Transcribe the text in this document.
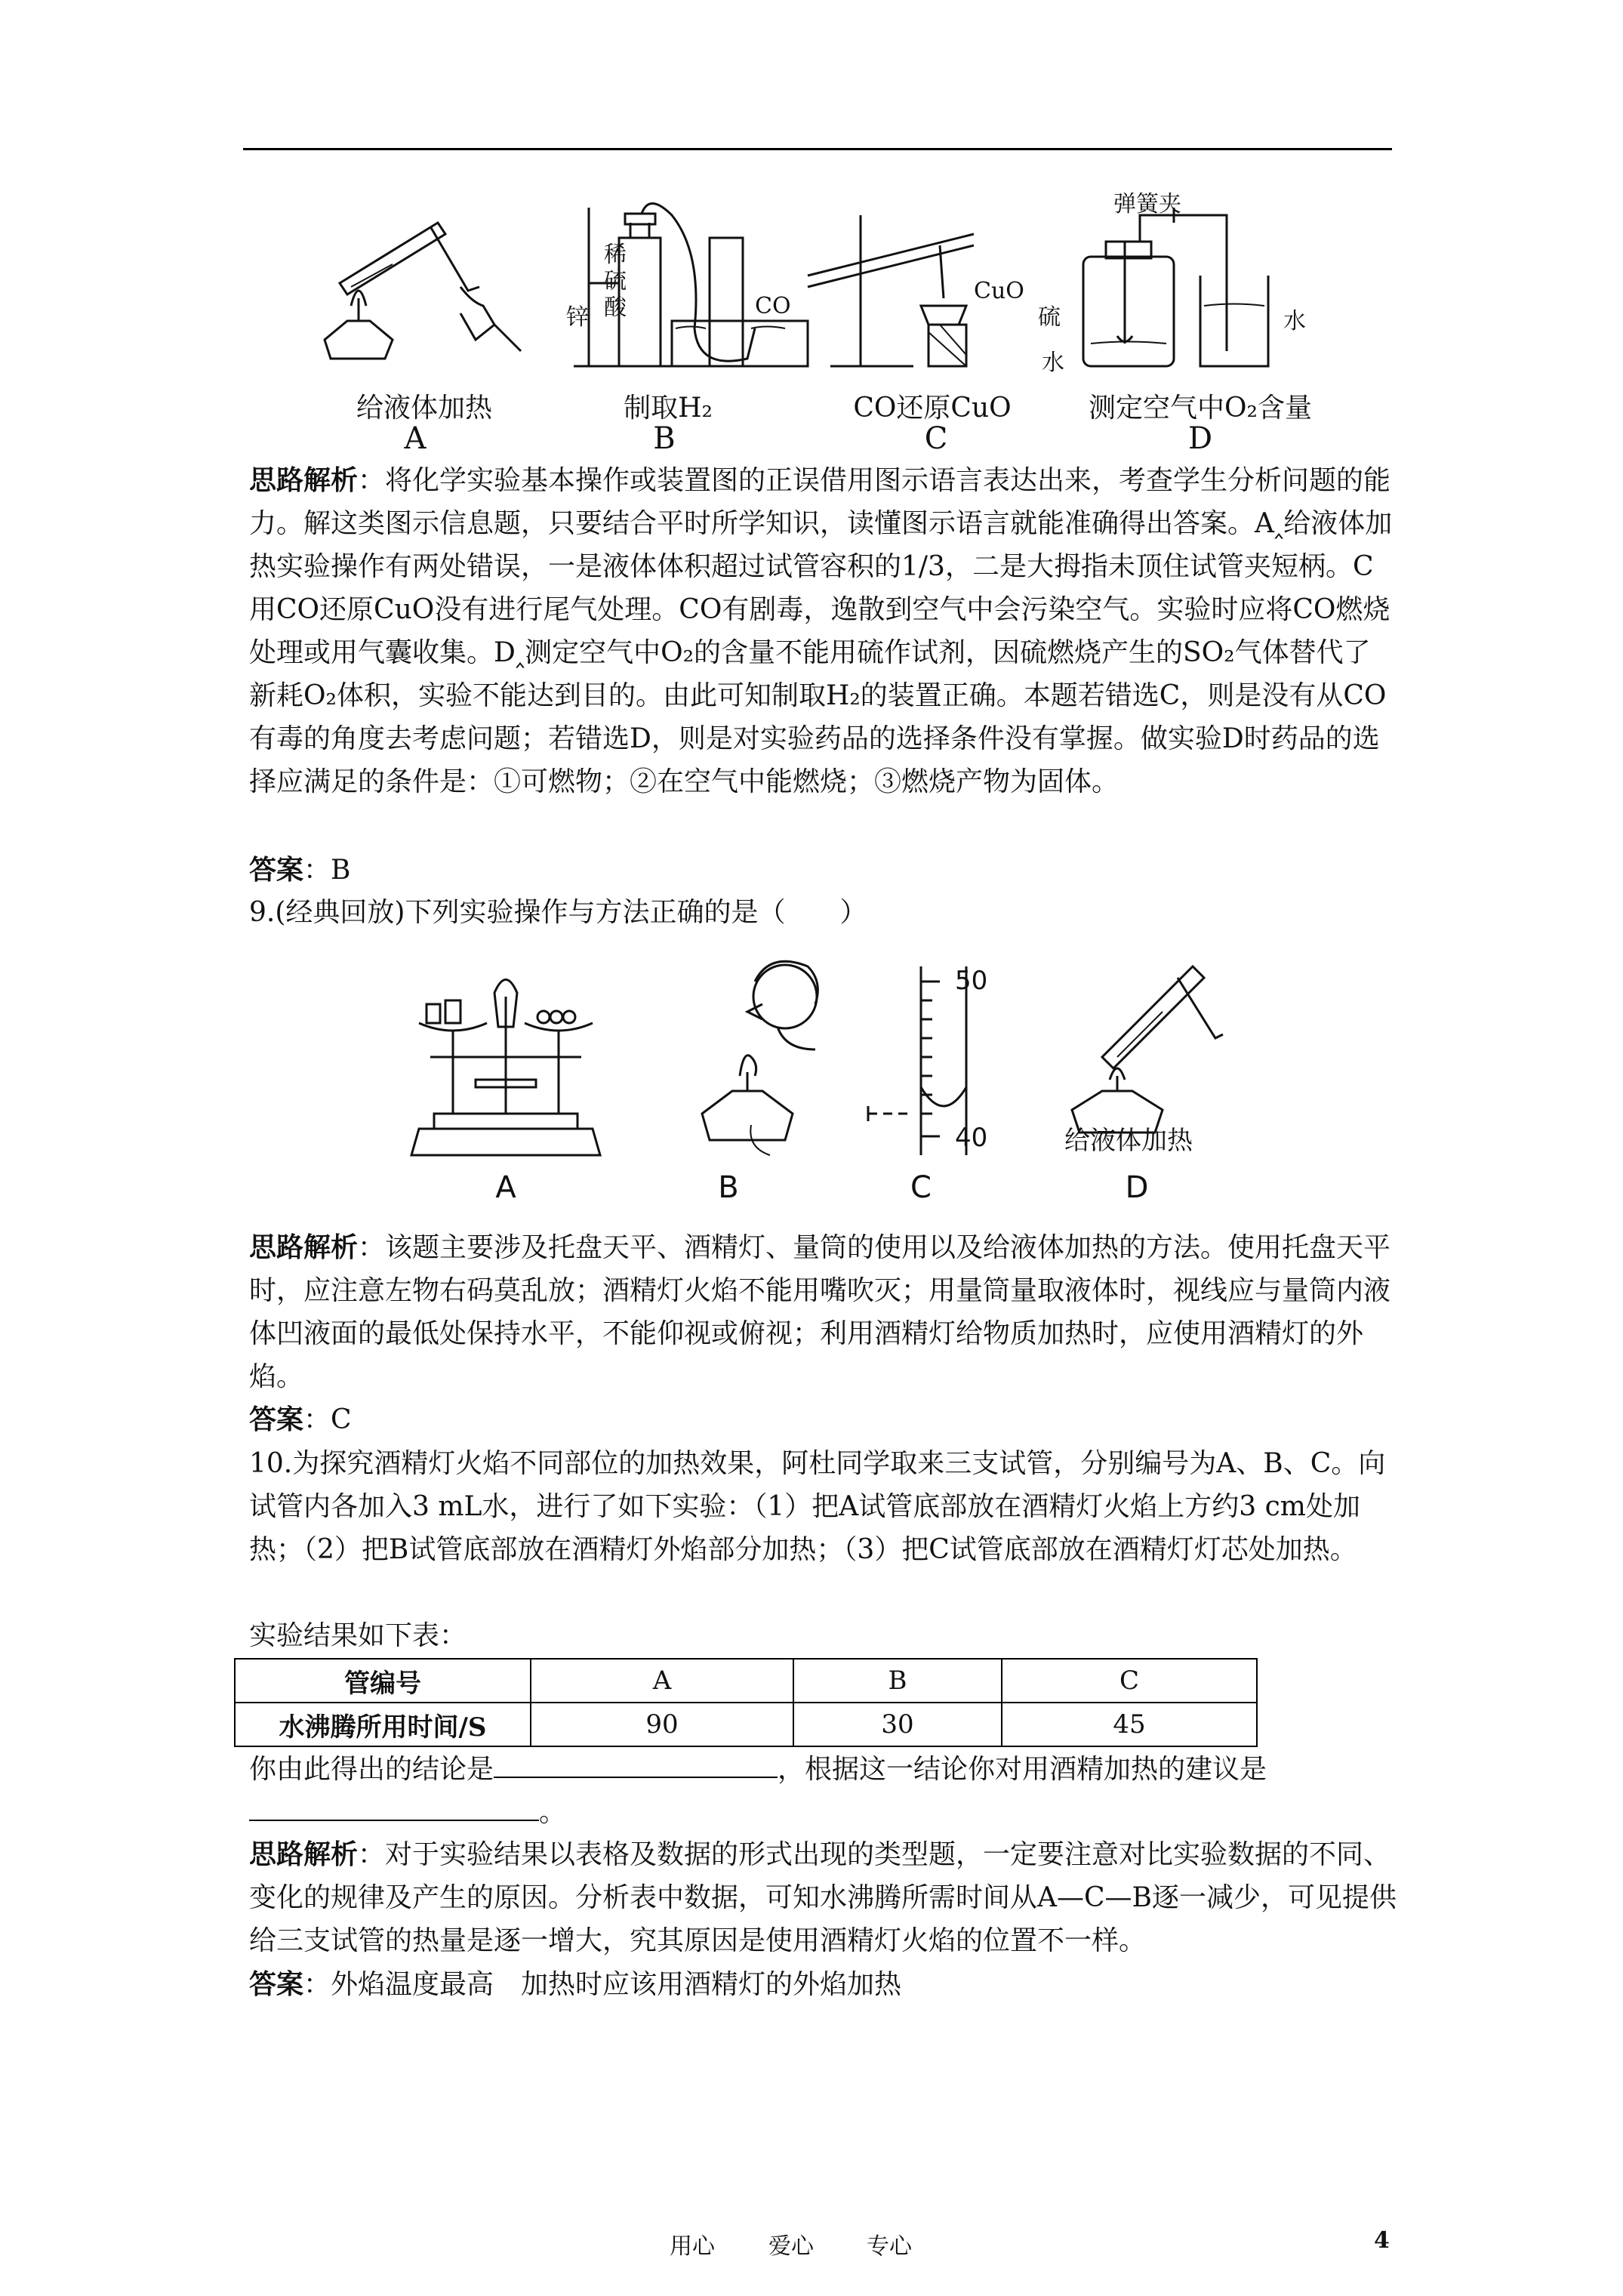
稀
硫
酸
锌	CO
CuO
弹簧夹
硫
水
水
给液体加热	制取H₂	CO还原CuO	测定空气中O₂含量
A	B	C	D

思路解析：将化学实验基本操作或装置图的正误借用图示语言表达出来，考查学生分析问题的能力。解这类图示信息题，只要结合平时所学知识，读懂图示语言就能准确得出答案。A‸给液体加热实验操作有两处错误，一是液体体积超过试管容积的1/3，二是大拇指未顶住试管夹短柄。C用CO还原CuO没有进行尾气处理。CO有剧毒，逸散到空气中会污染空气。实验时应将CO燃烧处理或用气囊收集。D‸测定空气中O₂的含量不能用硫作试剂，因硫燃烧产生的SO₂气体替代了新耗O₂体积，实验不能达到目的。由此可知制取H₂的装置正确。本题若错选C，则是没有从CO有毒的角度去考虑问题；若错选D，则是对实验药品的选择条件没有掌握。做实验D时药品的选择应满足的条件是：①可燃物；②在空气中能燃烧；③燃烧产物为固体。

答案：B
9.(经典回放)下列实验操作与方法正确的是（　　）
50
40	给液体加热
A	B	C	D

思路解析：该题主要涉及托盘天平、酒精灯、量筒的使用以及给液体加热的方法。使用托盘天平时，应注意左物右码莫乱放；酒精灯火焰不能用嘴吹灭；用量筒量取液体时，视线应与量筒内液体凹液面的最低处保持水平，不能仰视或俯视；利用酒精灯给物质加热时，应使用酒精灯的外焰。

答案：C

10.为探究酒精灯火焰不同部位的加热效果，阿杜同学取来三支试管，分别编号为A、B、C。向试管内各加入3 mL水，进行了如下实验：（1）把A试管底部放在酒精灯火焰上方约3 cm处加热；（2）把B试管底部放在酒精灯外焰部分加热；（3）把C试管底部放在酒精灯灯芯处加热。

实验结果如下表：
管编号	A	B	C
水沸腾所用时间/S	90	30	45
你由此得出的结论是	，根据这一结论你对用酒精加热的建议是
。

思路解析：对于实验结果以表格及数据的形式出现的类型题，一定要注意对比实验数据的不同、变化的规律及产生的原因。分析表中数据，可知水沸腾所需时间从A—C—B逐一减少，可见提供给三支试管的热量是逐一增大，究其原因是使用酒精灯火焰的位置不一样。

答案：外焰温度最高　加热时应该用酒精灯的外焰加热
用心 爱心 专心	4
